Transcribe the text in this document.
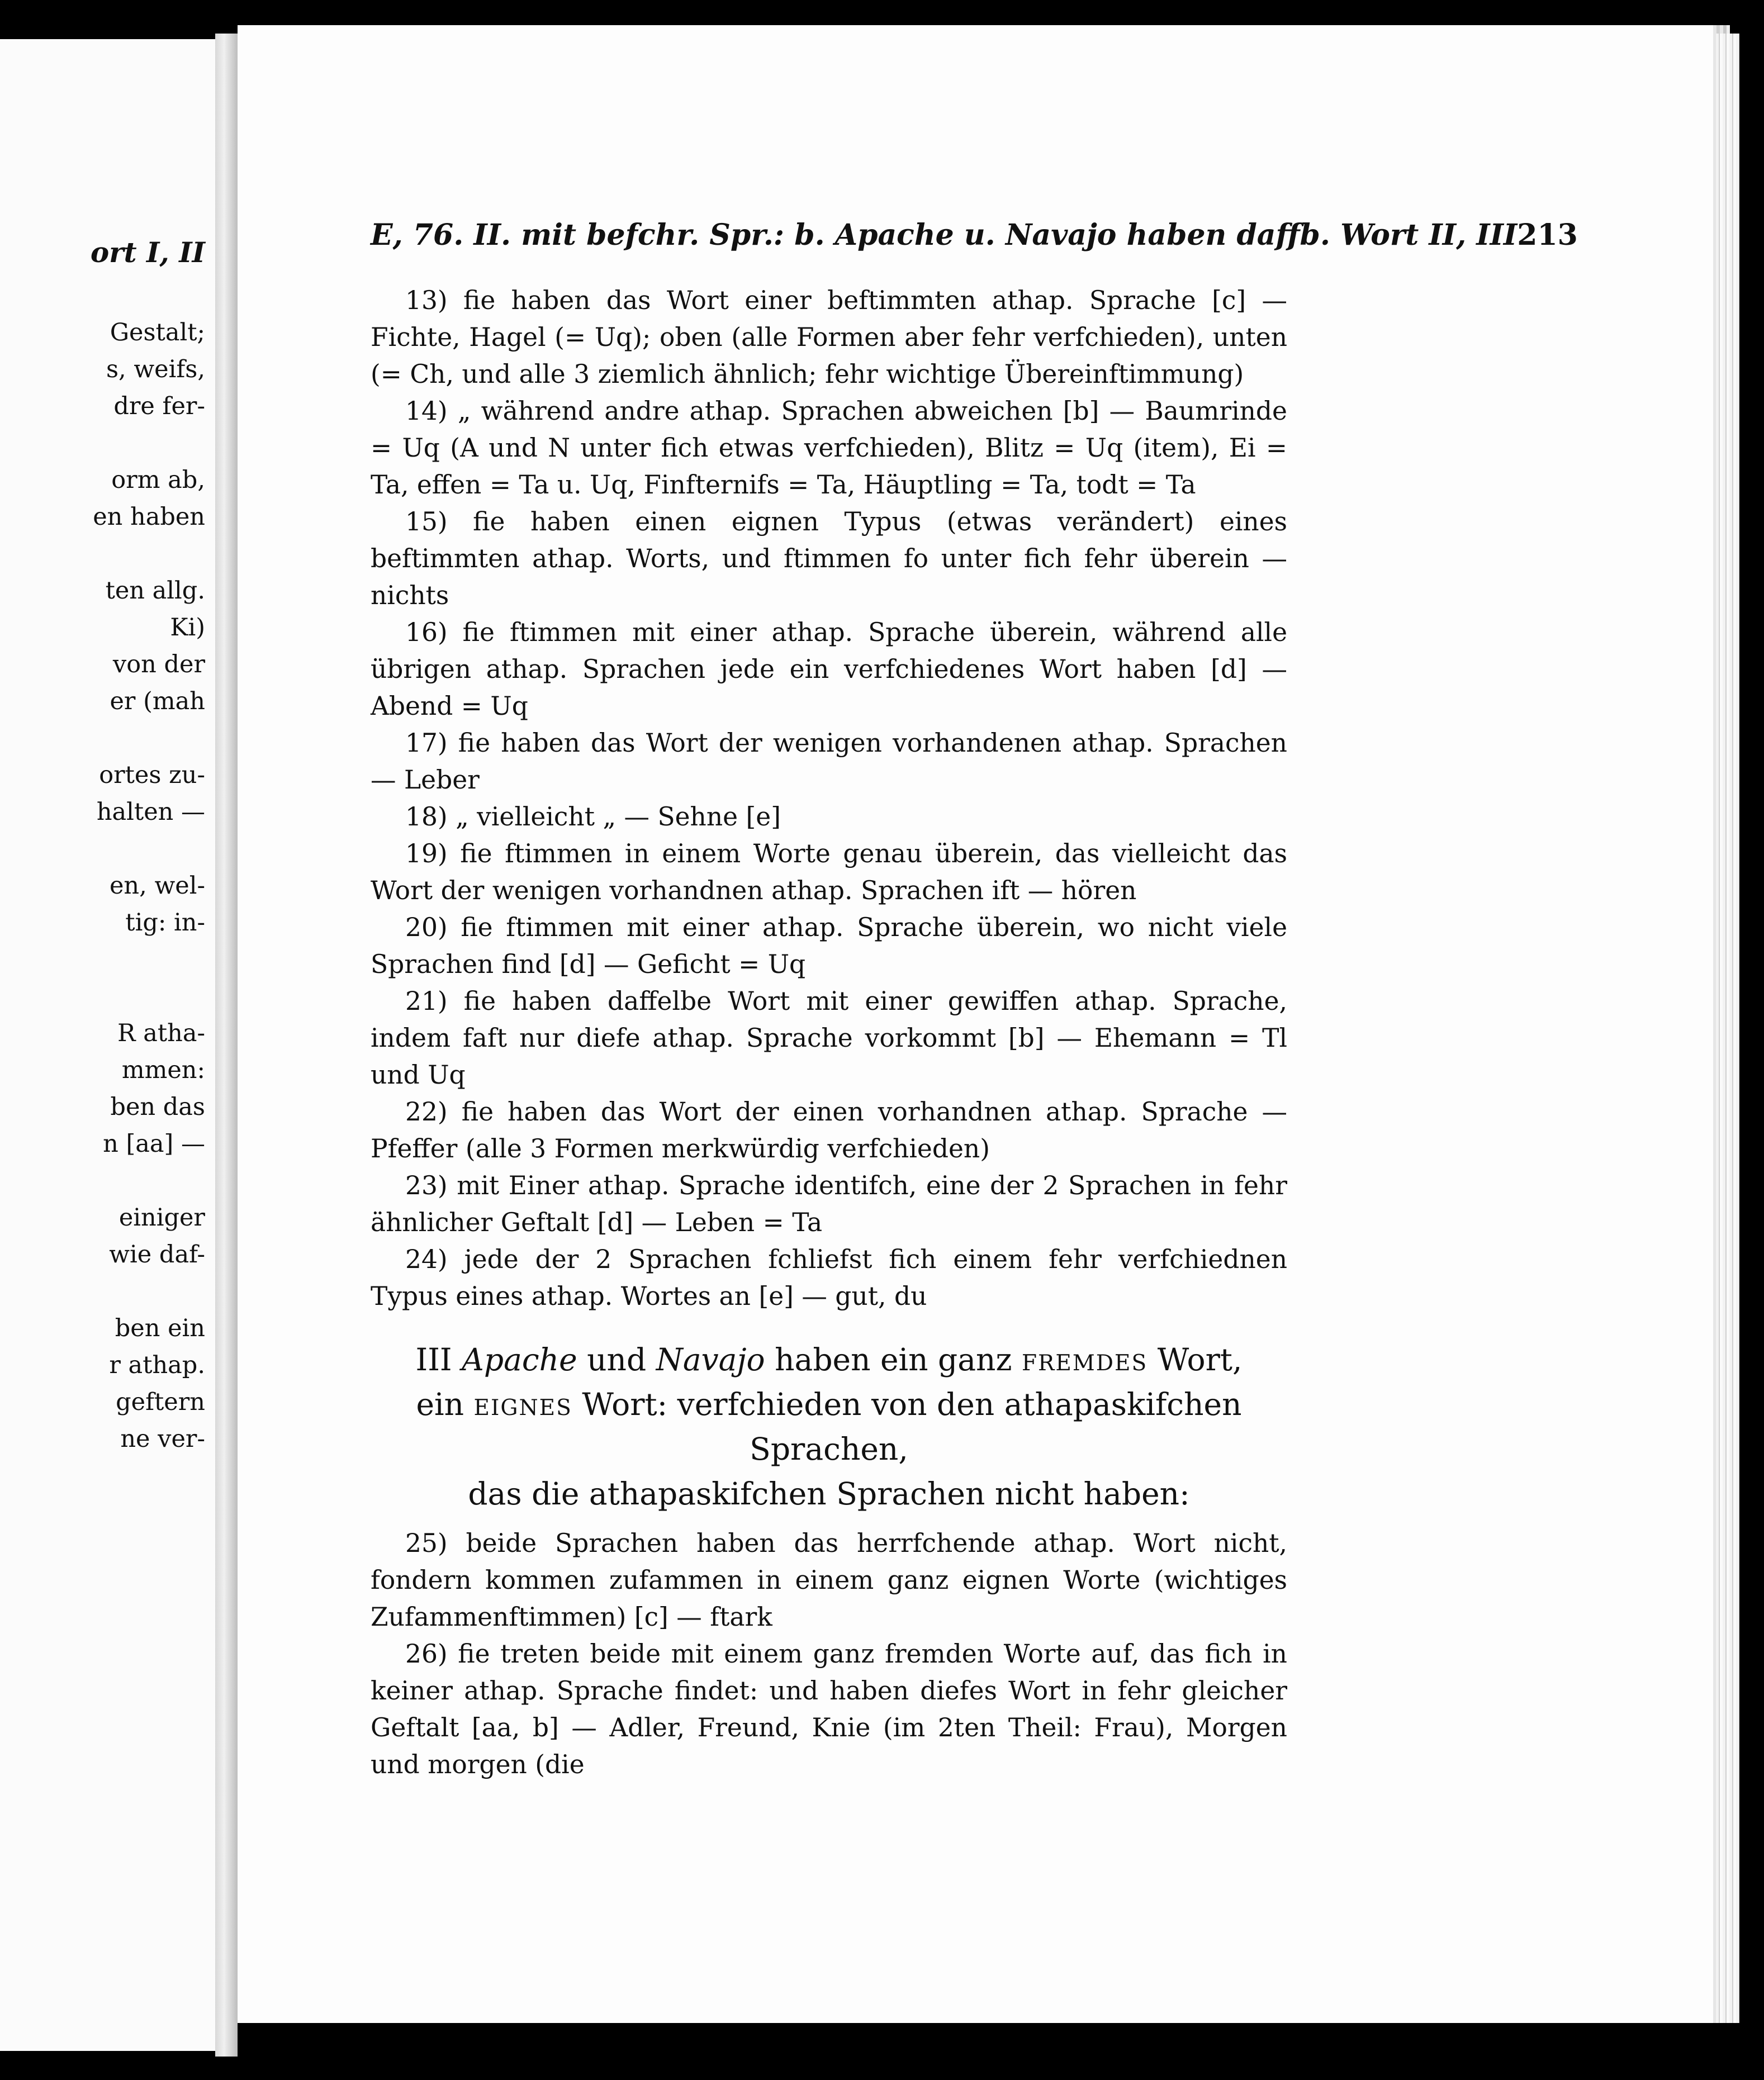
ort I, II
Gestalt;
s, weifs,
dre fer-
orm ab,
en haben
ten allg.
Ki)
von der
er (mah
ortes zu-
halten —
en, wel-
tig: in-
R atha-
mmen:
ben das
n [aa] —
einiger
wie daf-
ben ein
r athap.
geftern
ne ver-
E, 76. II. mit befchr. Spr.: b. Apache u. Navajo haben daffb. Wort II, III 213

13) fie haben das Wort einer beftimmten athap. Sprache [c] — Fichte, Hagel (= Uq); oben (alle Formen aber fehr verfchieden), unten (= Ch, und alle 3 ziemlich ähnlich; fehr wichtige Übereinftimmung)

14) „ während andre athap. Sprachen abweichen [b] — Baumrinde = Uq (A und N unter fich etwas verfchieden), Blitz = Uq (item), Ei = Ta, effen = Ta u. Uq, Finfternifs = Ta, Häuptling = Ta, todt = Ta

15) fie haben einen eignen Typus (etwas verändert) eines beftimmten athap. Worts, und ftimmen fo unter fich fehr überein — nichts

16) fie ftimmen mit einer athap. Sprache überein, während alle übrigen athap. Sprachen jede ein verfchiedenes Wort haben [d] — Abend = Uq

17) fie haben das Wort der wenigen vorhandenen athap. Sprachen — Leber

18) „ vielleicht „ — Sehne [e]

19) fie ftimmen in einem Worte genau überein, das vielleicht das Wort der wenigen vorhandnen athap. Sprachen ift — hören

20) fie ftimmen mit einer athap. Sprache überein, wo nicht viele Sprachen find [d] — Geficht = Uq

21) fie haben daffelbe Wort mit einer gewiffen athap. Sprache, indem faft nur diefe athap. Sprache vorkommt [b] — Ehemann = Tl und Uq

22) fie haben das Wort der einen vorhandnen athap. Sprache — Pfeffer (alle 3 Formen merkwürdig verfchieden)

23) mit Einer athap. Sprache identifch, eine der 2 Sprachen in fehr ähnlicher Geftalt [d] — Leben = Ta

24) jede der 2 Sprachen fchliefst fich einem fehr verfchiednen Typus eines athap. Wortes an [e] — gut, du

III Apache und Navajo haben ein ganz fremdes Wort,
ein eignes Wort: verfchieden von den athapaskifchen Sprachen,
das die athapaskifchen Sprachen nicht haben:

25) beide Sprachen haben das herrfchende athap. Wort nicht, fondern kommen zufammen in einem ganz eignen Worte (wichtiges Zufammenftimmen) [c] — ftark

26) fie treten beide mit einem ganz fremden Worte auf, das fich in keiner athap. Sprache findet: und haben diefes Wort in fehr gleicher Geftalt [aa, b] — Adler, Freund, Knie (im 2ten Theil: Frau), Morgen und morgen (die
